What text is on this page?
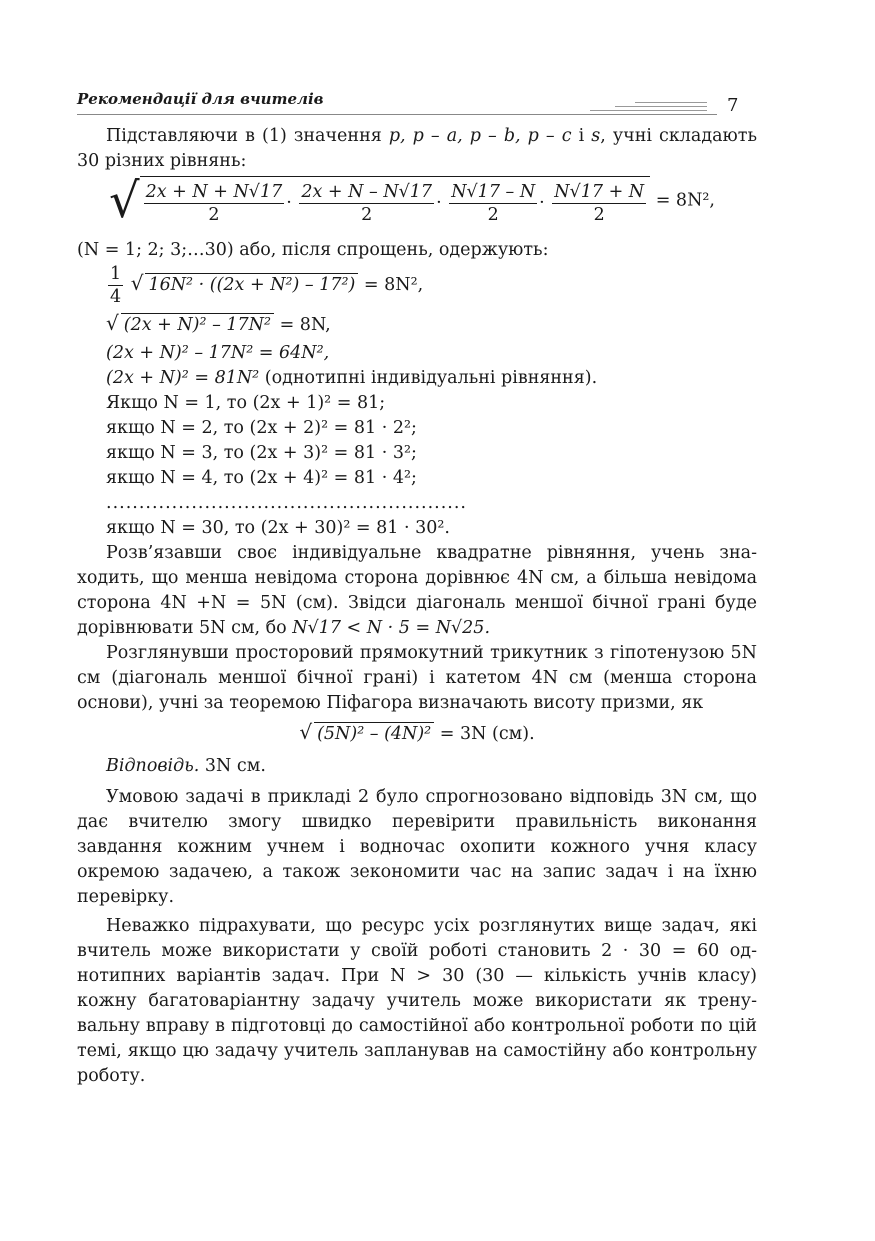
Рекомендації для вчителів	7

Підставляючи в (1) значення p, p – a, p – b, p – c і s, учні складають 30 різних рівнянь:

√ $\frac{2x + N + N√17}{2} \cdot \frac{2x + N - N√17}{2} \cdot \frac{N√17 - N}{2} \cdot \frac{N√17 + N}{2} = 8N^2$,

(N = 1; 2; 3;…30) або, після спрощень, одержують:

$\frac{1}{4}$ √ 16N² · ((2x + N²) – 17²) = 8N²,
√ (2x + N)² – 17N² = 8N,

(2x + N)² – 17N² = 64N²,

(2x + N)² = 81N² (однотипні індивідуальні рівняння).

Якщо N = 1, то (2x + 1)² = 81;

якщо N = 2, то (2x + 2)² = 81 · 2²;

якщо N = 3, то (2x + 3)² = 81 · 3²;

якщо N = 4, то (2x + 4)² = 81 · 4²;

.......................................................

якщо N = 30, то (2x + 30)² = 81 · 30².

Розв’язавши своє індивідуальне квадратне рівняння, учень знаходить, що менша невідома сторона дорівнює 4N см, а більша невідома сторона 4N +N = 5N (см). Звідси діагональ меншої бічної грані буде дорівнювати 5N см, бо N√17 < N · 5 = N√25.

Розглянувши просторовий прямокутний трикутник з гіпотенузою 5N см (діагональ меншої бічної грані) і катетом 4N см (менша сторона основи), учні за теоремою Піфагора визначають висоту призми, як

√ (5N)² – (4N)² = 3N (см).

Відповідь. 3N см.

Умовою задачі в прикладі 2 було спрогнозовано відповідь 3N см, що дає вчителю змогу швидко перевірити правильність виконання завдання кожним учнем і водночас охопити кожного учня класу окремою задачею, а також зекономити час на запис задач і на їхню перевірку.

Неважко підрахувати, що ресурс усіх розглянутих вище задач, які вчитель може використати у своїй роботі становить 2 · 30 = 60 однотипних варіантів задач. При N > 30 (30 — кількість учнів класу) кожну багатоваріантну задачу учитель може використати як тренувальну вправу в підготовці до самостійної або контрольної роботи по цій темі, якщо цю задачу учитель запланував на самостійну або контрольну роботу.
